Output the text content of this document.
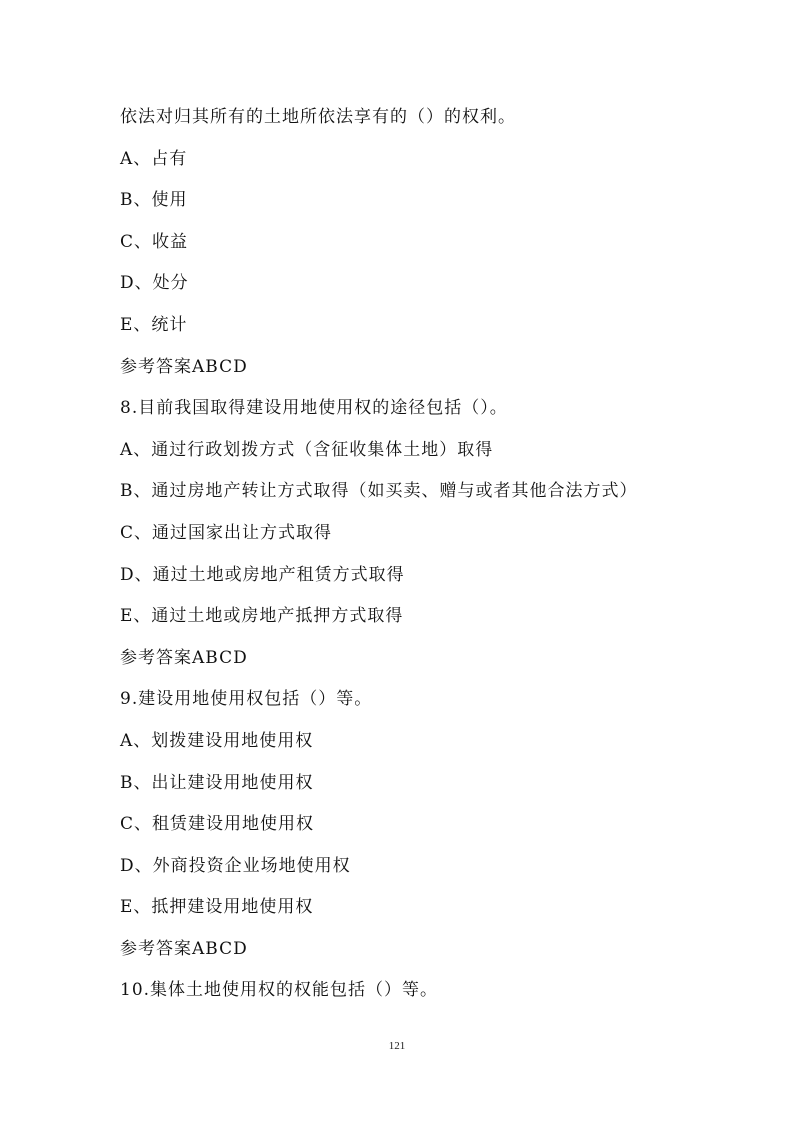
依法对归其所有的土地所依法享有的（）的权利。
A、占有
B、使用
C、收益
D、处分
E、统计
参考答案ABCD
8.目前我国取得建设用地使用权的途径包括（）。
A、通过行政划拨方式（含征收集体土地）取得
B、通过房地产转让方式取得（如买卖、赠与或者其他合法方式）
C、通过国家出让方式取得
D、通过土地或房地产租赁方式取得
E、通过土地或房地产抵押方式取得
参考答案ABCD
9.建设用地使用权包括（）等。
A、划拨建设用地使用权
B、出让建设用地使用权
C、租赁建设用地使用权
D、外商投资企业场地使用权
E、抵押建设用地使用权
参考答案ABCD
10.集体土地使用权的权能包括（）等。
121
